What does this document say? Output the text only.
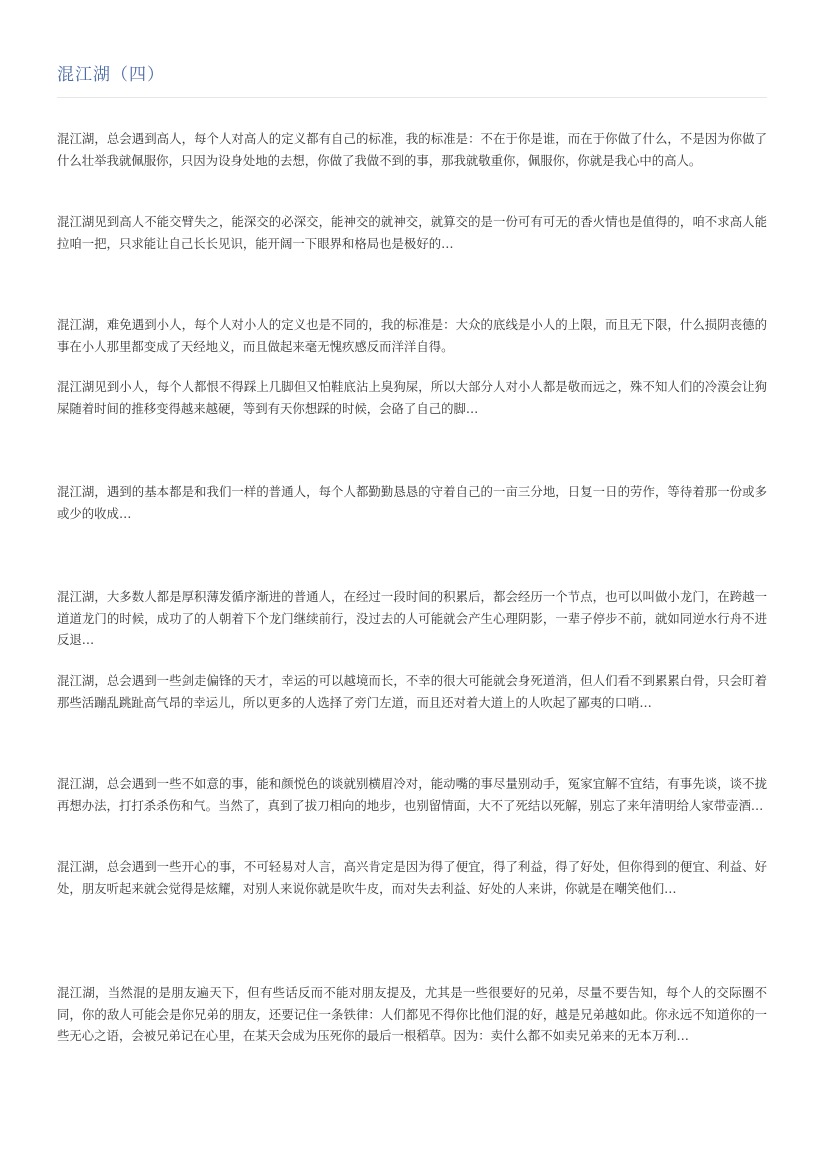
混江湖（四）

混江湖，总会遇到高人，每个人对高人的定义都有自己的标准，我的标准是：不在于你是谁，而在于你做了什么，不是因为你做了什么壮举我就佩服你，只因为设身处地的去想，你做了我做不到的事，那我就敬重你，佩服你，你就是我心中的高人。

混江湖见到高人不能交臂失之，能深交的必深交，能神交的就神交，就算交的是一份可有可无的香火情也是值得的，咱不求高人能拉咱一把，只求能让自己长长见识，能开阔一下眼界和格局也是极好的…

混江湖，难免遇到小人，每个人对小人的定义也是不同的，我的标准是：大众的底线是小人的上限，而且无下限，什么损阴丧德的事在小人那里都变成了天经地义，而且做起来毫无愧疚感反而洋洋自得。

混江湖见到小人，每个人都恨不得踩上几脚但又怕鞋底沾上臭狗屎，所以大部分人对小人都是敬而远之，殊不知人们的冷漠会让狗屎随着时间的推移变得越来越硬，等到有天你想踩的时候，会硌了自己的脚…

混江湖，遇到的基本都是和我们一样的普通人，每个人都勤勤恳恳的守着自己的一亩三分地，日复一日的劳作，等待着那一份或多或少的收成…

混江湖，大多数人都是厚积薄发循序渐进的普通人，在经过一段时间的积累后，都会经历一个节点，也可以叫做小龙门，在跨越一道道龙门的时候，成功了的人朝着下个龙门继续前行，没过去的人可能就会产生心理阴影，一辈子停步不前，就如同逆水行舟不进反退…

混江湖，总会遇到一些剑走偏锋的天才，幸运的可以越境而长，不幸的很大可能就会身死道消，但人们看不到累累白骨，只会盯着那些活蹦乱跳趾高气昂的幸运儿，所以更多的人选择了旁门左道，而且还对着大道上的人吹起了鄙夷的口哨…

混江湖，总会遇到一些不如意的事，能和颜悦色的谈就别横眉冷对，能动嘴的事尽量别动手，冤家宜解不宜结，有事先谈，谈不拢再想办法，打打杀杀伤和气。当然了，真到了拔刀相向的地步，也别留情面，大不了死结以死解，别忘了来年清明给人家带壶酒…

混江湖，总会遇到一些开心的事，不可轻易对人言，高兴肯定是因为得了便宜，得了利益，得了好处，但你得到的便宜、利益、好处，朋友听起来就会觉得是炫耀，对别人来说你就是吹牛皮，而对失去利益、好处的人来讲，你就是在嘲笑他们…

混江湖，当然混的是朋友遍天下，但有些话反而不能对朋友提及，尤其是一些很要好的兄弟，尽量不要告知，每个人的交际圈不同，你的敌人可能会是你兄弟的朋友，还要记住一条铁律：人们都见不得你比他们混的好，越是兄弟越如此。你永远不知道你的一些无心之语，会被兄弟记在心里，在某天会成为压死你的最后一根稻草。因为：卖什么都不如卖兄弟来的无本万利…
